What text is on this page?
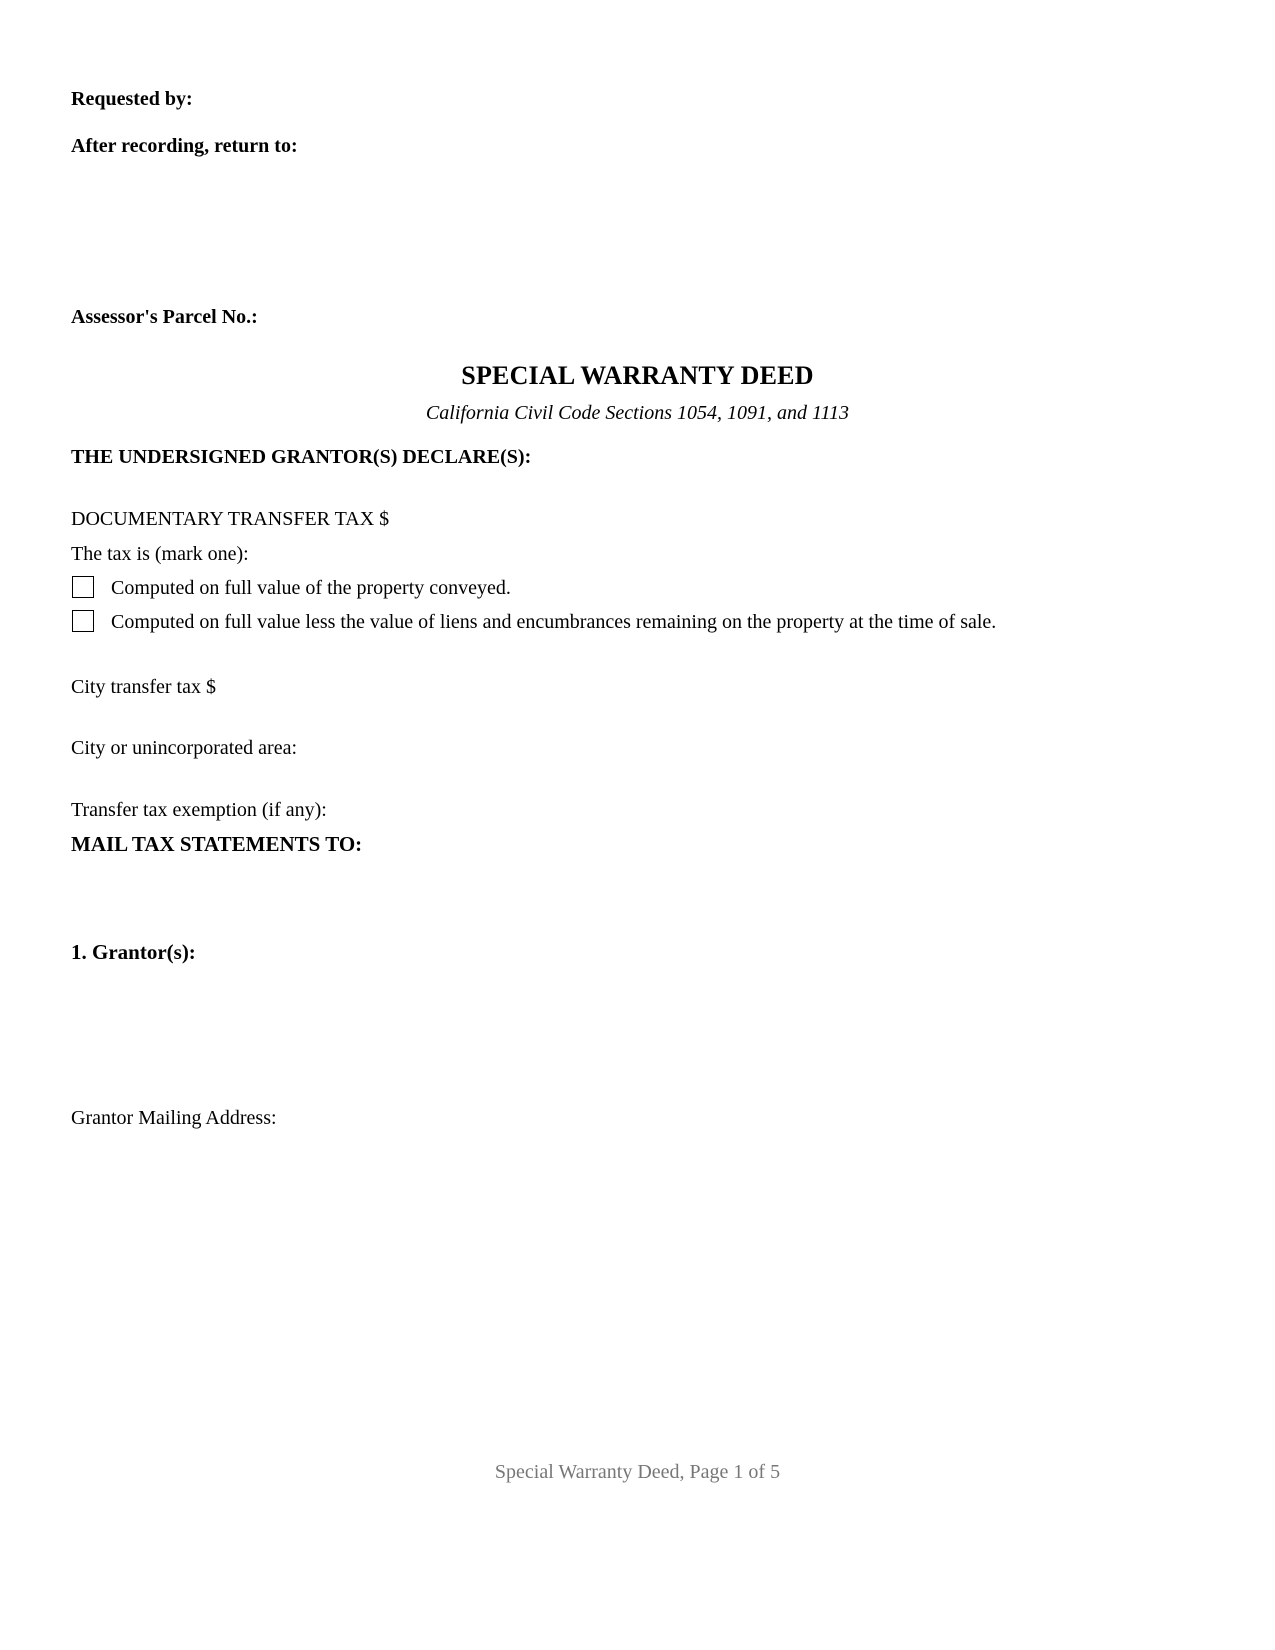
Requested by:
After recording, return to:
Assessor's Parcel No.:
SPECIAL WARRANTY DEED
California Civil Code Sections 1054, 1091, and 1113
THE UNDERSIGNED GRANTOR(S) DECLARE(S):
DOCUMENTARY TRANSFER TAX $
The tax is (mark one):
Computed on full value of the property conveyed.
Computed on full value less the value of liens and encumbrances remaining on the property at the time of sale.
City transfer tax $
City or unincorporated area:
Transfer tax exemption (if any):
MAIL TAX STATEMENTS TO:
1. Grantor(s):
Grantor Mailing Address:
Special Warranty Deed, Page 1 of 5
